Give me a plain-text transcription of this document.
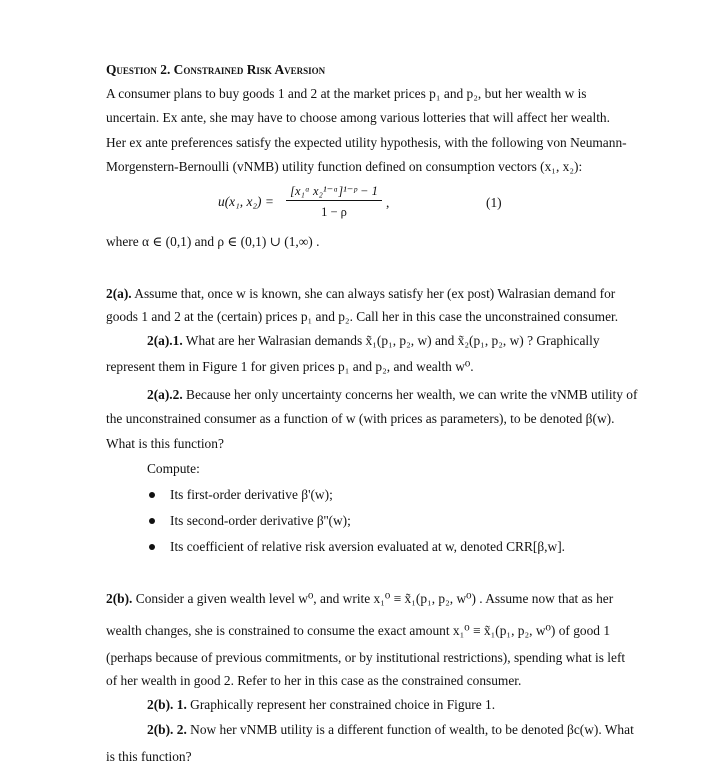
Question 2. Constrained Risk Aversion
A consumer plans to buy goods 1 and 2 at the market prices p₁ and p₂, but her wealth w is
uncertain. Ex ante, she may have to choose among various lotteries that will affect her wealth.
Her ex ante preferences satisfy the expected utility hypothesis, with the following von Neumann-
Morgenstern-Bernoulli (vNMB) utility function defined on consumption vectors (x₁, x₂):
u(x₁, x₂) =
[x₁ᵅ x₂¹⁻ᵅ]¹⁻ᵖ − 1
1 − ρ
,	(1)
where α ∈ (0,1) and ρ ∈ (0,1) ∪ (1,∞) .
2(a). Assume that, once w is known, she can always satisfy her (ex post) Walrasian demand for
goods 1 and 2 at the (certain) prices p₁ and p₂. Call her in this case the unconstrained consumer.
2(a).1. What are her Walrasian demands x̃₁(p₁, p₂, w) and x̃₂(p₁, p₂, w) ? Graphically
represent them in Figure 1 for given prices p₁ and p₂, and wealth w⁰.
2(a).2. Because her only uncertainty concerns her wealth, we can write the vNMB utility of
the unconstrained consumer as a function of w (with prices as parameters), to be denoted β(w).
What is this function?
Compute:
Its first-order derivative β'(w);
Its second-order derivative β''(w);
Its coefficient of relative risk aversion evaluated at w, denoted CRR[β,w].
2(b). Consider a given wealth level w⁰, and write x₁⁰ ≡ x̃₁(p₁, p₂, w⁰) . Assume now that as her
wealth changes, she is constrained to consume the exact amount x₁⁰ ≡ x̃₁(p₁, p₂, w⁰) of good 1
(perhaps because of previous commitments, or by institutional restrictions), spending what is left
of her wealth in good 2. Refer to her in this case as the constrained consumer.
2(b). 1. Graphically represent her constrained choice in Figure 1.
2(b). 2. Now her vNMB utility is a different function of wealth, to be denoted βc(w). What
is this function?
